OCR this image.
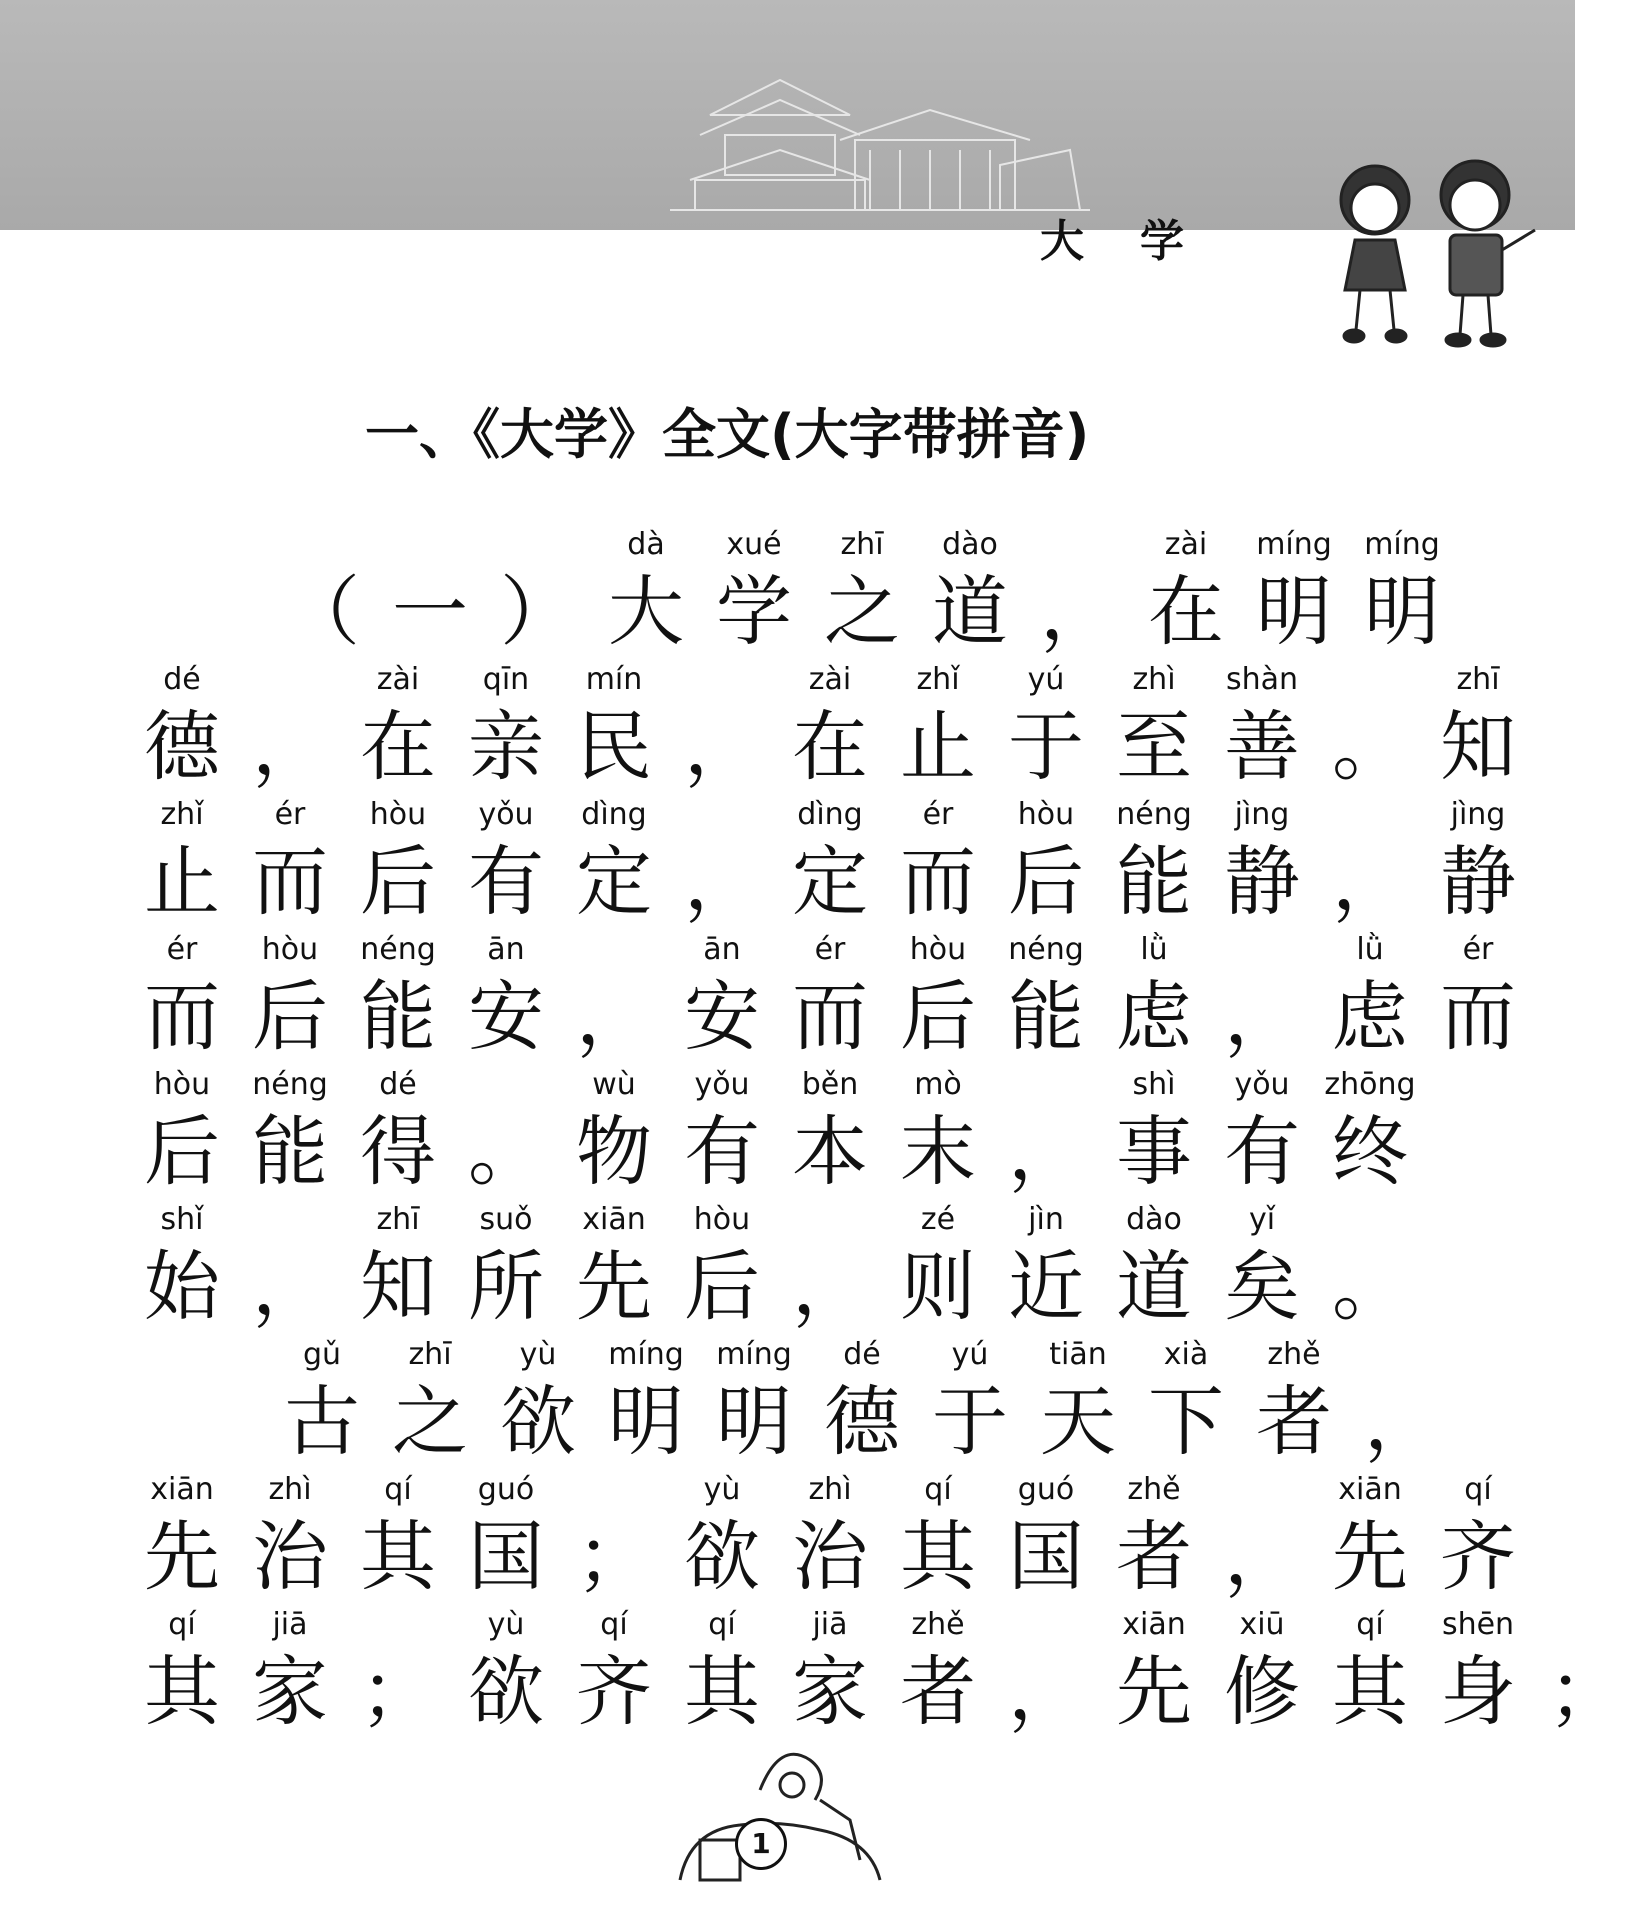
大 学
一、《大学》全文(大字带拼音)
（ 一 ）
dà
大
xué
学
zhī
之
dào
道 ，
zài
在
míng
明
míng
明
dé
德 ，
zài
在
qīn
亲
mín
民 ，
zài
在
zhǐ
止
yú
于
zhì
至
shàn
善 。
zhī
知
zhǐ
止
ér
而
hòu
后
yǒu
有
dìng
定 ，
dìng
定
ér
而
hòu
后
néng
能
jìng
静 ，
jìng
静
ér
而
hòu
后
néng
能
ān
安 ，
ān
安
ér
而
hòu
后
néng
能
lǜ
虑 ，
lǜ
虑
ér
而
hòu
后
néng
能
dé
得 。
wù
物
yǒu
有
běn
本
mò
末 ，
shì
事
yǒu
有
zhōng
终
shǐ
始 ，
zhī
知
suǒ
所
xiān
先
hòu
后 ，
zé
则
jìn
近
dào
道
yǐ
矣 。
gǔ
古
zhī
之
yù
欲
míng
明
míng
明
dé
德
yú
于
tiān
天
xià
下
zhě
者 ，
xiān
先
zhì
治
qí
其
guó
国 ；
yù
欲
zhì
治
qí
其
guó
国
zhě
者 ，
xiān
先
qí
齐
qí
其
jiā
家 ；
yù
欲
qí
齐
qí
其
jiā
家
zhě
者 ，
xiān
先
xiū
修
qí
其
shēn
身 ；
1
